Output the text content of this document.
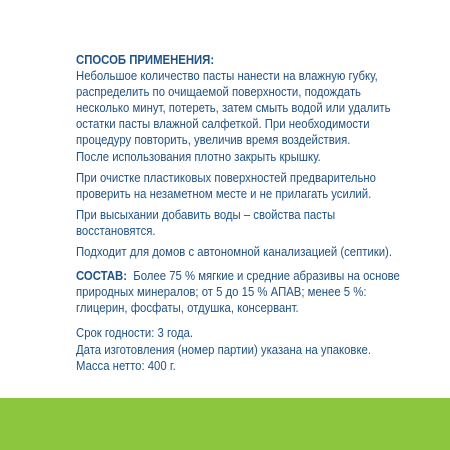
СПОСОБ ПРИМЕНЕНИЯ:

Небольшое количество пасты нанести на влажную губку,

распределить по очищаемой поверхности, подождать

несколько минут, потереть, затем смыть водой или удалить

остатки пасты влажной салфеткой. При необходимости

процедуру повторить, увеличив время воздействия.

После использования плотно закрыть крышку.

При очистке пластиковых поверхностей предварительно

проверить на незаметном месте и не прилагать усилий.

При высыхании добавить воды – свойства пасты

восстановятся.

Подходит для домов с автономной канализацией (септики).

СОСТАВ: Более 75 % мягкие и средние абразивы на основе

природных минералов; от 5 до 15 % АПАВ; менее 5 %:

глицерин, фосфаты, отдушка, консервант.

Срок годности: 3 года.

Дата изготовления (номер партии) указана на упаковке.

Масса нетто: 400 г.
